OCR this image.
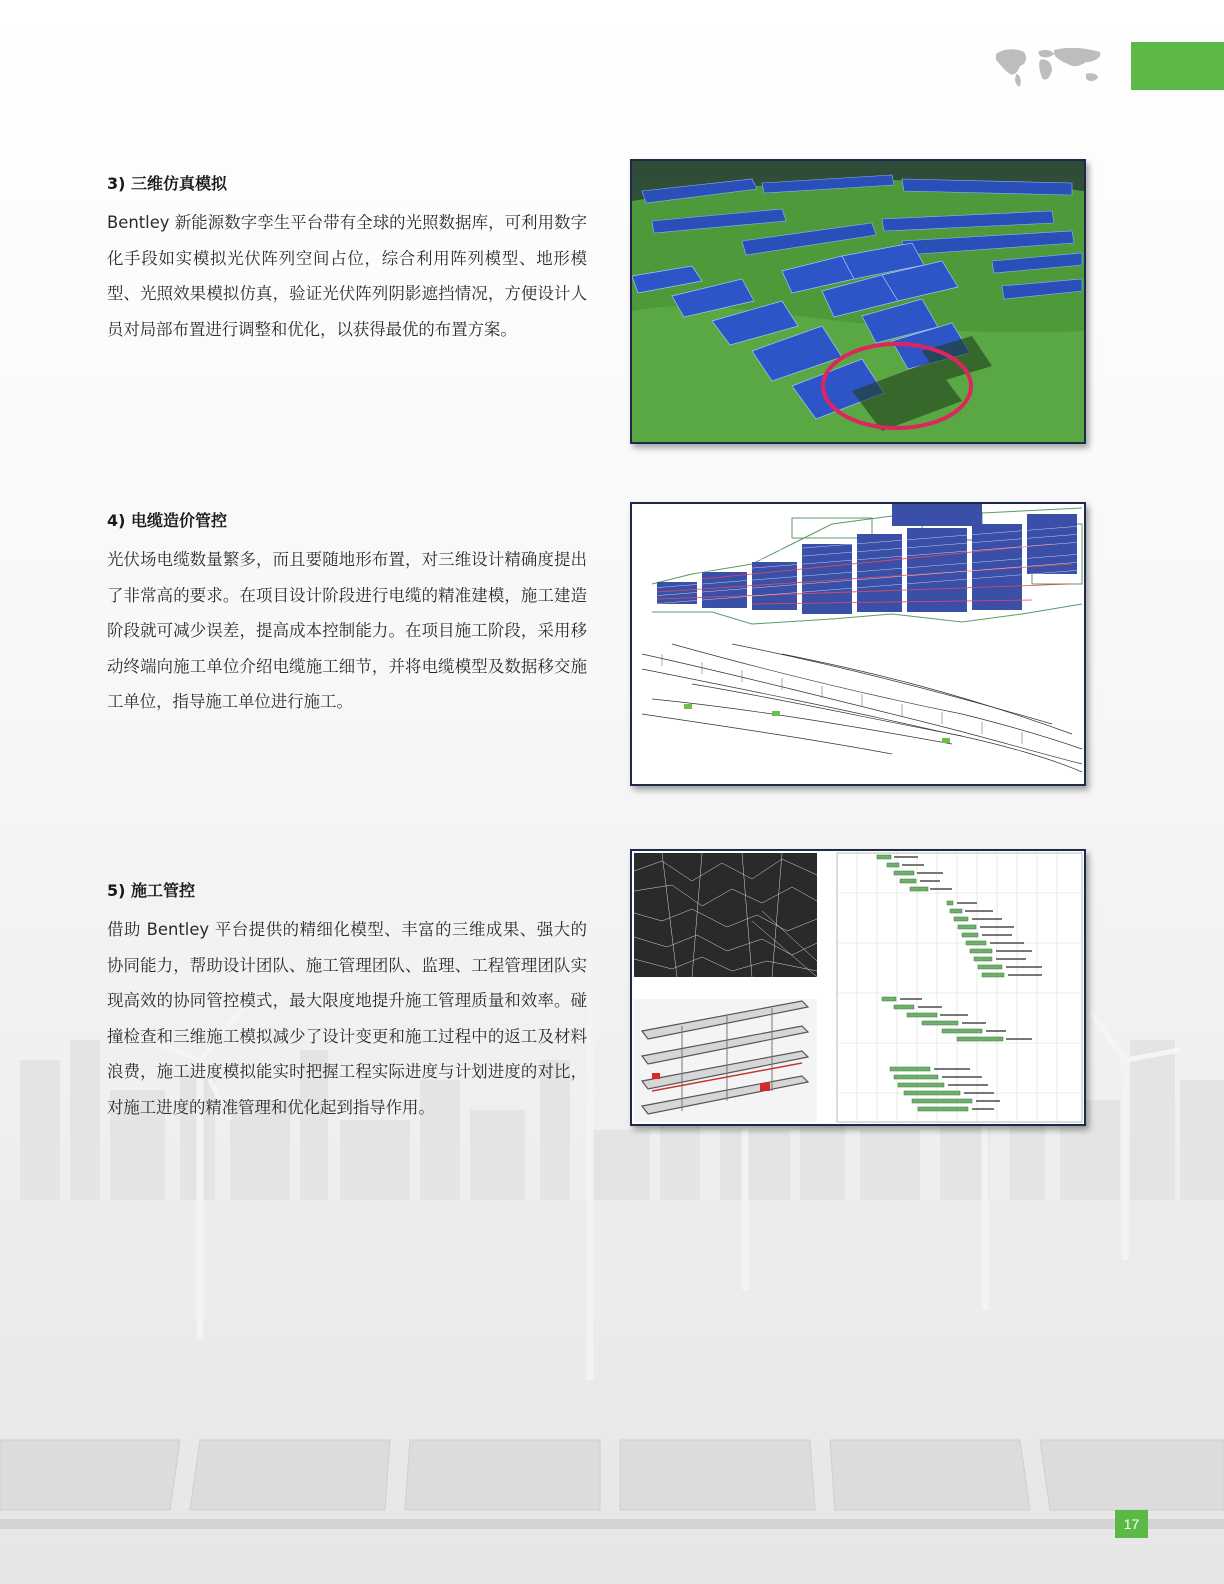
3) 三维仿真模拟

Bentley 新能源数字孪生平台带有全球的光照数据库，可利用数字化手段如实模拟光伏阵列空间占位，综合利用阵列模型、地形模型、光照效果模拟仿真，验证光伏阵列阴影遮挡情况，方便设计人员对局部布置进行调整和优化，以获得最优的布置方案。

4) 电缆造价管控

光伏场电缆数量繁多，而且要随地形布置，对三维设计精确度提出了非常高的要求。在项目设计阶段进行电缆的精准建模，施工建造阶段就可减少误差，提高成本控制能力。在项目施工阶段，采用移动终端向施工单位介绍电缆施工细节，并将电缆模型及数据移交施工单位，指导施工单位进行施工。

5) 施工管控

借助 Bentley 平台提供的精细化模型、丰富的三维成果、强大的协同能力，帮助设计团队、施工管理团队、监理、工程管理团队实现高效的协同管控模式，最大限度地提升施工管理质量和效率。碰撞检查和三维施工模拟减少了设计变更和施工过程中的返工及材料浪费，施工进度模拟能实时把握工程实际进度与计划进度的对比，对施工进度的精准管理和优化起到指导作用。

17
